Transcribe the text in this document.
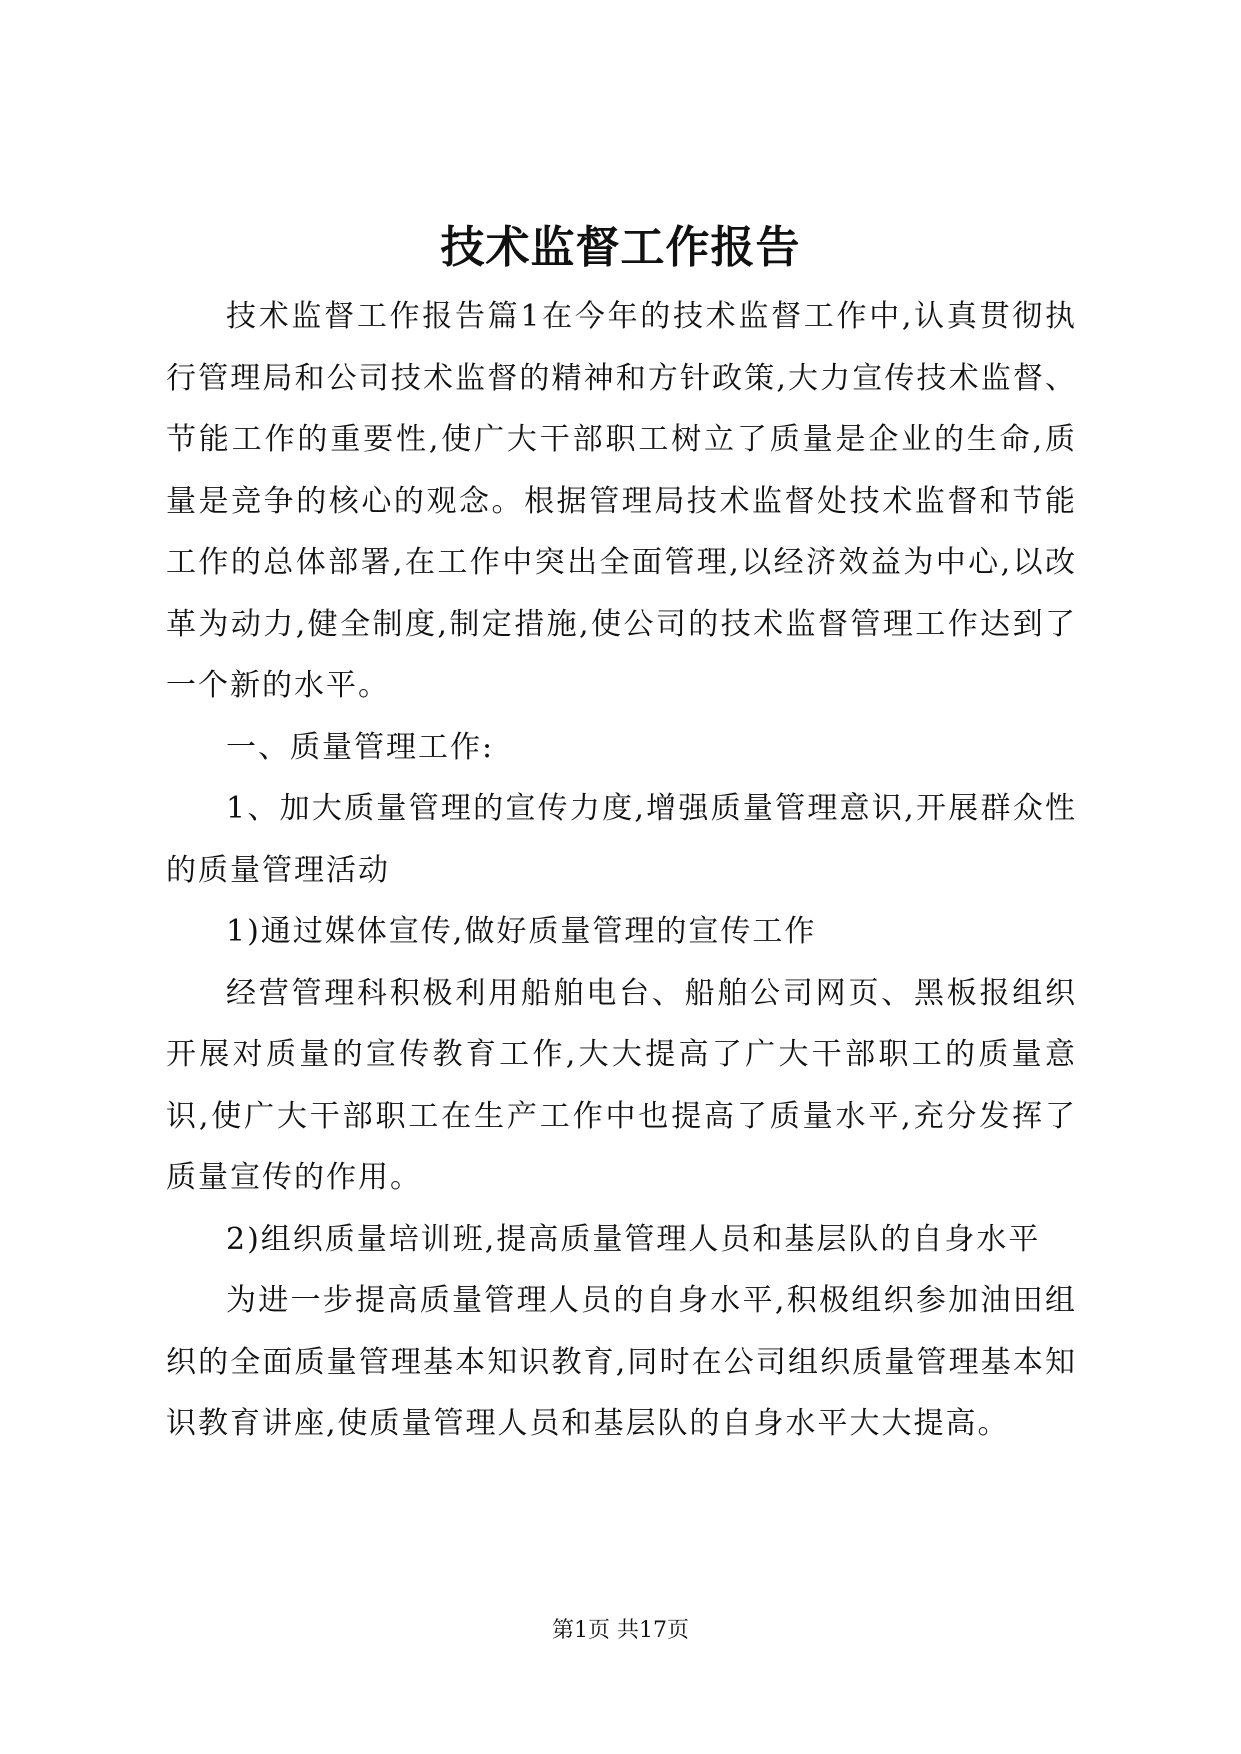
技术监督工作报告

技术监督工作报告篇1在今年的技术监督工作中,认真贯彻执行管理局和公司技术监督的精神和方针政策,大力宣传技术监督、节能工作的重要性,使广大干部职工树立了质量是企业的生命,质量是竞争的核心的观念。根据管理局技术监督处技术监督和节能工作的总体部署,在工作中突出全面管理,以经济效益为中心,以改革为动力,健全制度,制定措施,使公司的技术监督管理工作达到了一个新的水平。

一、质量管理工作:

1、加大质量管理的宣传力度,增强质量管理意识,开展群众性的质量管理活动

1)通过媒体宣传,做好质量管理的宣传工作

经营管理科积极利用船舶电台、船舶公司网页、黑板报组织开展对质量的宣传教育工作,大大提高了广大干部职工的质量意识,使广大干部职工在生产工作中也提高了质量水平,充分发挥了质量宣传的作用。

2)组织质量培训班,提高质量管理人员和基层队的自身水平

为进一步提高质量管理人员的自身水平,积极组织参加油田组织的全面质量管理基本知识教育,同时在公司组织质量管理基本知识教育讲座,使质量管理人员和基层队的自身水平大大提高。

第1页 共17页
